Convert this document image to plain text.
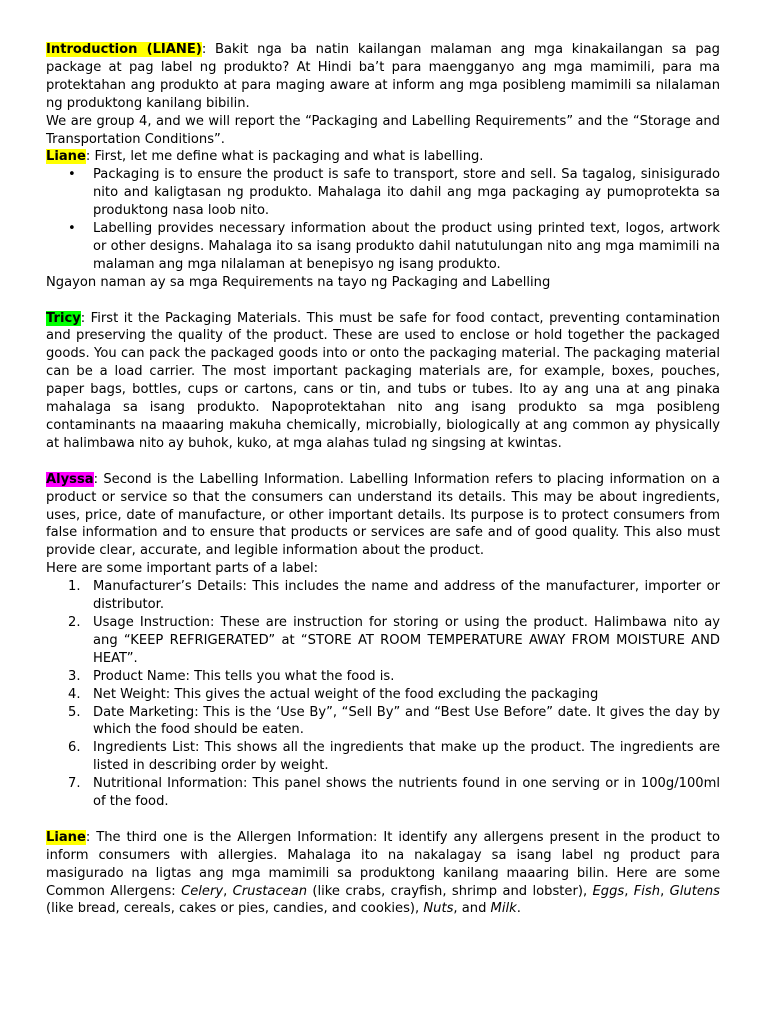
Introduction (LIANE): Bakit nga ba natin kailangan malaman ang mga kinakailangan sa pag package at pag label ng produkto? At Hindi ba’t para maengganyo ang mga mamimili, para ma protektahan ang produkto at para maging aware at inform ang mga posibleng mamimili sa nilalaman ng produktong kanilang bibilin.

We are group 4, and we will report the “Packaging and Labelling Requirements” and the “Storage and Transportation Conditions”.

Liane: First, let me define what is packaging and what is labelling.

• Packaging is to ensure the product is safe to transport, store and sell. Sa tagalog, sinisigurado nito and kaligtasan ng produkto. Mahalaga ito dahil ang mga packaging ay pumoprotekta sa produktong nasa loob nito.
• Labelling provides necessary information about the product using printed text, logos, artwork or other designs. Mahalaga ito sa isang produkto dahil natutulungan nito ang mga mamimili na malaman ang mga nilalaman at benepisyo ng isang produkto.

Ngayon naman ay sa mga Requirements na tayo ng Packaging and Labelling

Tricy: First it the Packaging Materials. This must be safe for food contact, preventing contamination and preserving the quality of the product. These are used to enclose or hold together the packaged goods. You can pack the packaged goods into or onto the packaging material. The packaging material can be a load carrier. The most important packaging materials are, for example, boxes, pouches, paper bags, bottles, cups or cartons, cans or tin, and tubs or tubes. Ito ay ang una at ang pinaka mahalaga sa isang produkto. Napoprotektahan nito ang isang produkto sa mga posibleng contaminants na maaaring makuha chemically, microbially, biologically at ang common ay physically at halimbawa nito ay buhok, kuko, at mga alahas tulad ng singsing at kwintas.

Alyssa: Second is the Labelling Information. Labelling Information refers to placing information on a product or service so that the consumers can understand its details. This may be about ingredients, uses, price, date of manufacture, or other important details. Its purpose is to protect consumers from false information and to ensure that products or services are safe and of good quality. This also must provide clear, accurate, and legible information about the product.

Here are some important parts of a label:

1. Manufacturer’s Details: This includes the name and address of the manufacturer, importer or distributor.
2. Usage Instruction: These are instruction for storing or using the product. Halimbawa nito ay ang “KEEP REFRIGERATED” at “STORE AT ROOM TEMPERATURE AWAY FROM MOISTURE AND HEAT”.
3. Product Name: This tells you what the food is.
4. Net Weight: This gives the actual weight of the food excluding the packaging
5. Date Marketing: This is the ‘Use By”, “Sell By” and “Best Use Before” date. It gives the day by which the food should be eaten.
6. Ingredients List: This shows all the ingredients that make up the product. The ingredients are listed in describing order by weight.
7. Nutritional Information: This panel shows the nutrients found in one serving or in 100g/100ml of the food.

Liane: The third one is the Allergen Information: It identify any allergens present in the product to inform consumers with allergies. Mahalaga ito na nakalagay sa isang label ng product para masigurado na ligtas ang mga mamimili sa produktong kanilang maaaring bilin. Here are some Common Allergens: Celery, Crustacean (like crabs, crayfish, shrimp and lobster), Eggs, Fish, Glutens (like bread, cereals, cakes or pies, candies, and cookies), Nuts, and Milk.
